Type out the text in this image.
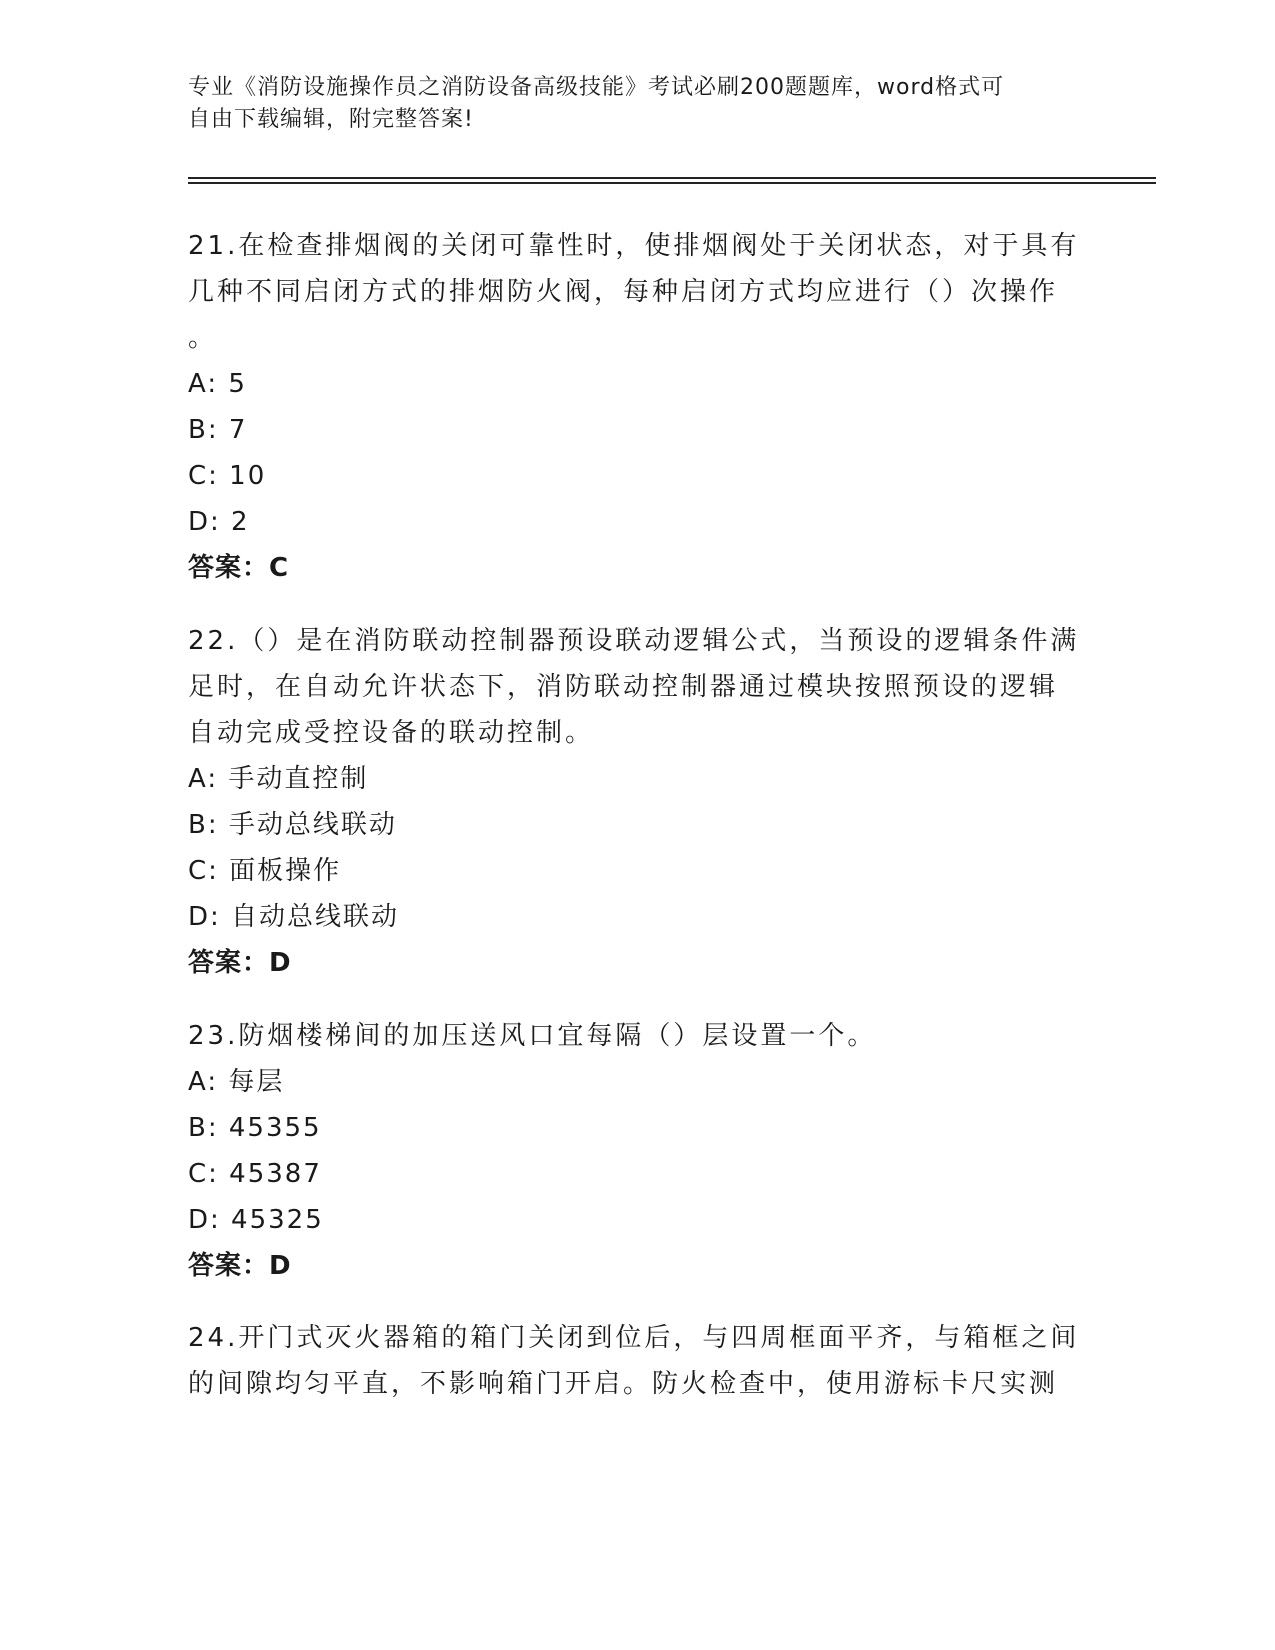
专业《消防设施操作员之消防设备高级技能》考试必刷200题题库，word格式可
自由下载编辑，附完整答案!
21.在检查排烟阀的关闭可靠性时，使排烟阀处于关闭状态，对于具有
几种不同启闭方式的排烟防火阀，每种启闭方式均应进行（）次操作
。
A: 5
B: 7
C: 10
D: 2
答案：C
22.（）是在消防联动控制器预设联动逻辑公式，当预设的逻辑条件满
足时，在自动允许状态下，消防联动控制器通过模块按照预设的逻辑
自动完成受控设备的联动控制。
A: 手动直控制
B: 手动总线联动
C: 面板操作
D: 自动总线联动
答案：D
23.防烟楼梯间的加压送风口宜每隔（）层设置一个。
A: 每层
B: 45355
C: 45387
D: 45325
答案：D
24.开门式灭火器箱的箱门关闭到位后，与四周框面平齐，与箱框之间
的间隙均匀平直，不影响箱门开启。防火检查中，使用游标卡尺实测
